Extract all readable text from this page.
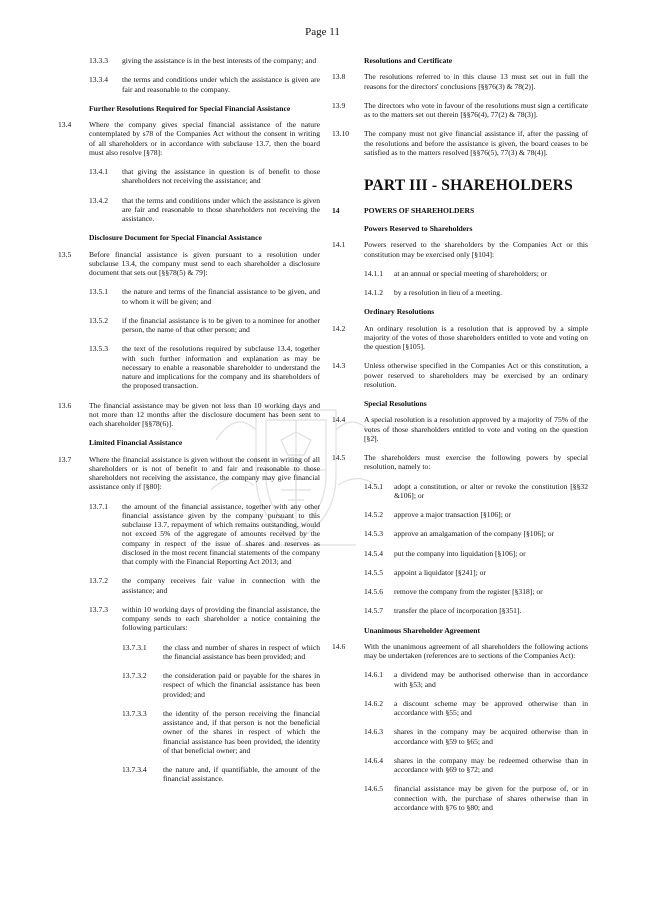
Page 11
13.3.3	giving the assistance is in the best interests of the company; and
13.3.4	the terms and conditions under which the assistance is given are fair and reasonable to the company.
Further Resolutions Required for Special Financial Assistance
13.4	Where the company gives special financial assistance of the nature contemplated by s78 of the Companies Act without the consent in writing of all shareholders or in accordance with subclause 13.7, then the board must also resolve [§78]:
13.4.1	that giving the assistance in question is of benefit to those shareholders not receiving the assistance; and
13.4.2	that the terms and conditions under which the assistance is given are fair and reasonable to those shareholders not receiving the assistance.
Disclosure Document for Special Financial Assistance
13.5	Before financial assistance is given pursuant to a resolution under subclause 13.4, the company must send to each shareholder a disclosure document that sets out [§§78(5) & 79]:
13.5.1	the nature and terms of the financial assistance to be given, and to whom it will be given; and
13.5.2	if the financial assistance is to be given to a nominee for another person, the name of that other person; and
13.5.3	the text of the resolutions required by subclause 13.4, together with such further information and explanation as may be necessary to enable a reasonable shareholder to understand the nature and implications for the company and its shareholders of the proposed transaction.
13.6	The financial assistance may be given not less than 10 working days and not more than 12 months after the disclosure document has been sent to each shareholder [§§78(6)].
Limited Financial Assistance
13.7	Where the financial assistance is given without the consent in writing of all shareholders or is not of benefit to and fair and reasonable to those shareholders not receiving the assistance, the company may give financial assistance only if [§80]:
13.7.1	the amount of the financial assistance, together with any other financial assistance given by the company pursuant to this subclause 13.7, repayment of which remains outstanding, would not exceed 5% of the aggregate of amounts received by the company in respect of the issue of shares and reserves as disclosed in the most recent financial statements of the company that comply with the Financial Reporting Act 2013; and
13.7.2	the company receives fair value in connection with the assistance; and
13.7.3	within 10 working days of providing the financial assistance, the company sends to each shareholder a notice containing the following particulars:
13.7.3.1	the class and number of shares in respect of which the financial assistance has been provided; and
13.7.3.2	the consideration paid or payable for the shares in respect of which the financial assistance has been provided; and
13.7.3.3	the identity of the person receiving the financial assistance and, if that person is not the beneficial owner of the shares in respect of which the financial assistance has been provided, the identity of that beneficial owner; and
13.7.3.4	the nature and, if quantifiable, the amount of the financial assistance.
Resolutions and Certificate
13.8	The resolutions referred to in this clause 13 must set out in full the reasons for the directors' conclusions [§§76(3) & 78(2)].
13.9	The directors who vote in favour of the resolutions must sign a certificate as to the matters set out therein [§§76(4), 77(2) & 78(3)].
13.10	The company must not give financial assistance if, after the passing of the resolutions and before the assistance is given, the board ceases to be satisfied as to the matters resolved [§§76(5), 77(3) & 78(4)].
PART III - SHAREHOLDERS
14	POWERS OF SHAREHOLDERS
Powers Reserved to Shareholders
14.1	Powers reserved to the shareholders by the Companies Act or this constitution may be exercised only [§104]:
14.1.1	at an annual or special meeting of shareholders; or
14.1.2	by a resolution in lieu of a meeting.
Ordinary Resolutions
14.2	An ordinary resolution is a resolution that is approved by a simple majority of the votes of those shareholders entitled to vote and voting on the question [§105].
14.3	Unless otherwise specified in the Companies Act or this constitution, a power reserved to shareholders may be exercised by an ordinary resolution.
Special Resolutions
14.4	A special resolution is a resolution approved by a majority of 75% of the votes of those shareholders entitled to vote and voting on the question [§2].
14.5	The shareholders must exercise the following powers by special resolution, namely to:
14.5.1	adopt a constitution, or alter or revoke the constitution [§§32 &106]; or
14.5.2	approve a major transaction [§106]; or
14.5.3	approve an amalgamation of the company [§106]; or
14.5.4	put the company into liquidation [§106]; or
14.5.5	appoint a liquidator [§241]; or
14.5.6	remove the company from the register [§318]; or
14.5.7	transfer the place of incorporation [§351].
Unanimous Shareholder Agreement
14.6	With the unanimous agreement of all shareholders the following actions may be undertaken (references are to sections of the Companies Act):
14.6.1	a dividend may be authorised otherwise than in accordance with §53; and
14.6.2	a discount scheme may be approved otherwise than in accordance with §55; and
14.6.3	shares in the company may be acquired otherwise than in accordance with §59 to §65; and
14.6.4	shares in the company may be redeemed otherwise than in accordance with §69 to §72; and
14.6.5	financial assistance may be given for the purpose of, or in connection with, the purchase of shares otherwise than in accordance with §76 to §80; and
